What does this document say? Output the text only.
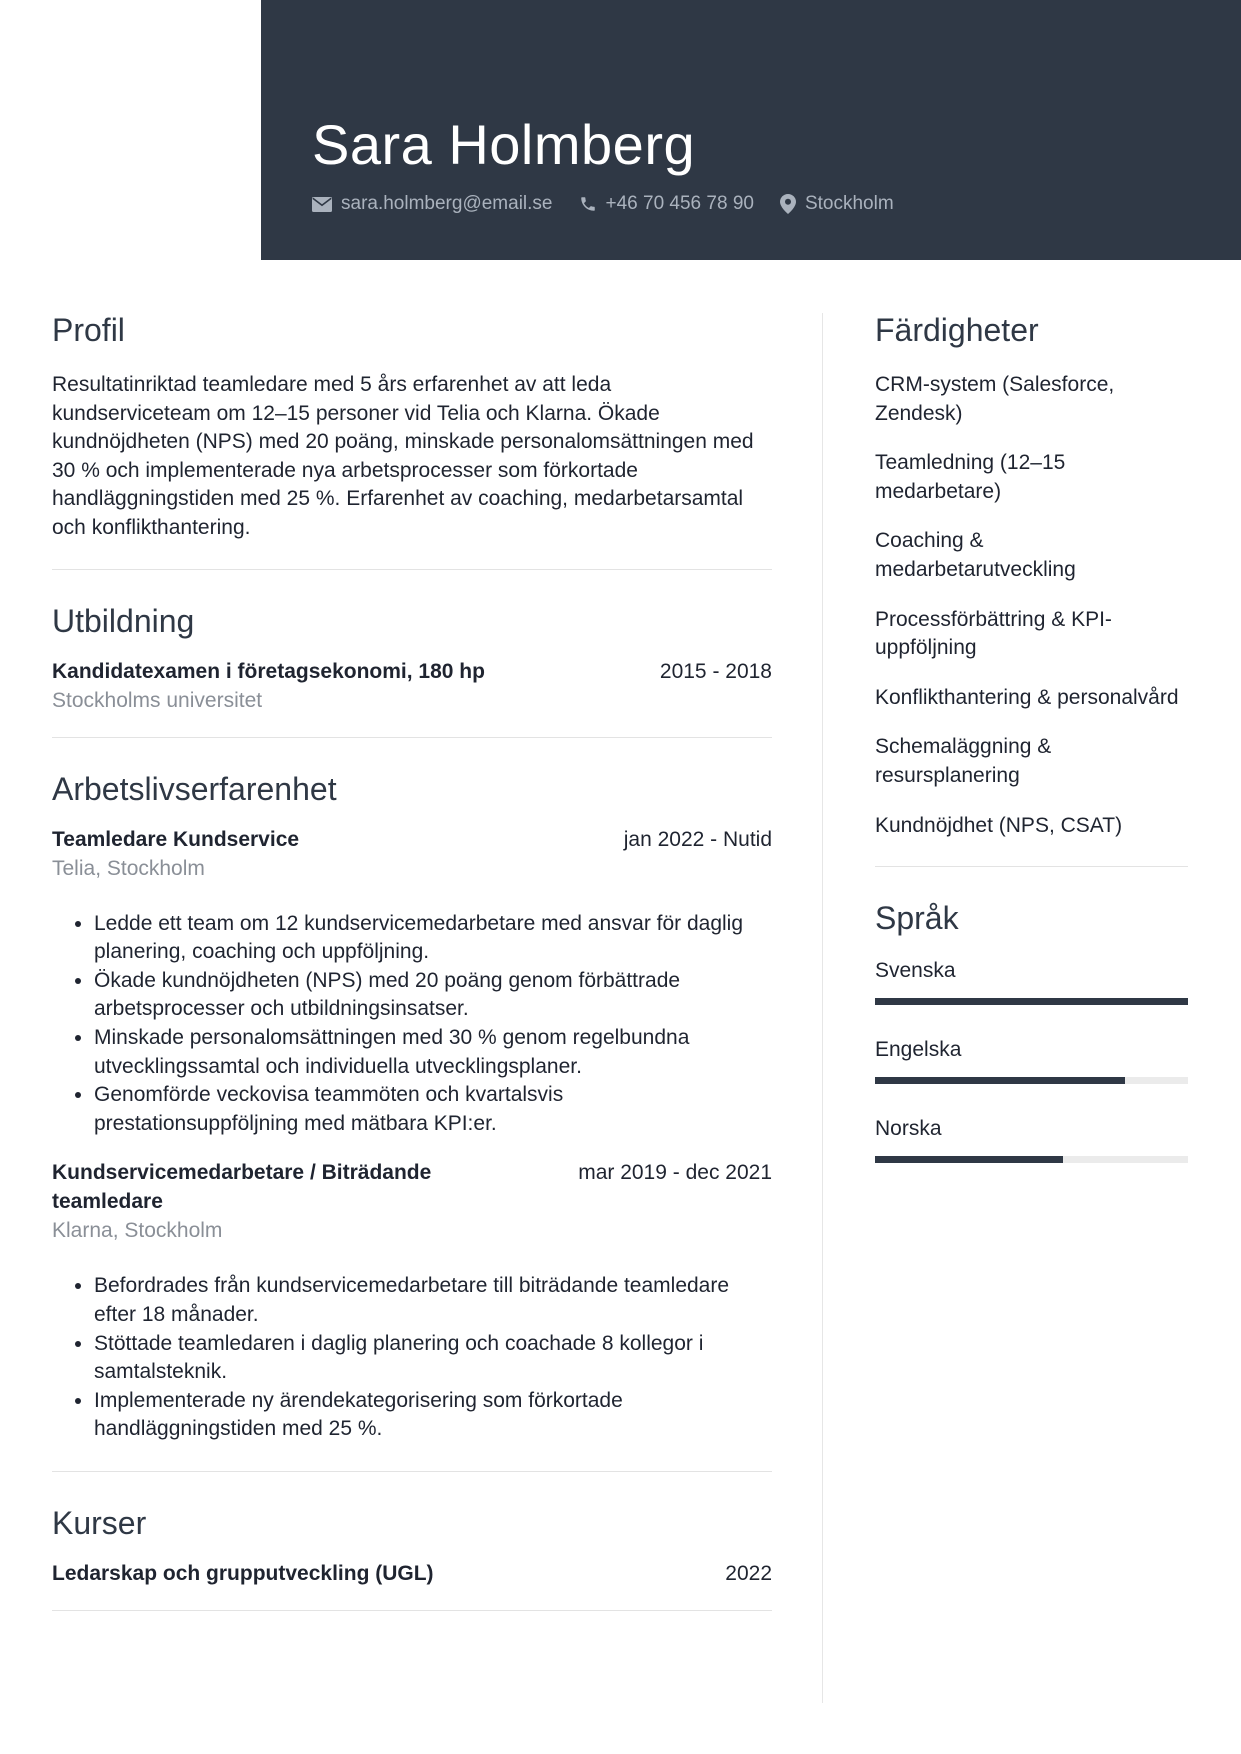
Sara Holmberg
sara.holmberg@email.se	+46 70 456 78 90	Stockholm
Profil
Resultatinriktad teamledare med 5 års erfarenhet av att leda kundserviceteam om 12–15 personer vid Telia och Klarna. Ökade kundnöjdheten (NPS) med 20 poäng, minskade personalomsättningen med 30 % och implementerade nya arbetsprocesser som förkortade handläggningstiden med 25 %. Erfarenhet av coaching, medarbetarsamtal och konflikthantering.
Utbildning
Kandidatexamen i företagsekonomi, 180 hp	2015 - 2018
Stockholms universitet
Arbetslivserfarenhet
Teamledare Kundservice	jan 2022 - Nutid
Telia, Stockholm
• Ledde ett team om 12 kundservicemedarbetare med ansvar för daglig planering, coaching och uppföljning.
• Ökade kundnöjdheten (NPS) med 20 poäng genom förbättrade arbetsprocesser och utbildningsinsatser.
• Minskade personalomsättningen med 30 % genom regelbundna utvecklingssamtal och individuella utvecklingsplaner.
• Genomförde veckovisa teammöten och kvartalsvis prestationsuppföljning med mätbara KPI:er.
Kundservicemedarbetare / Biträdande teamledare
mar 2019 - dec 2021
Klarna, Stockholm
• Befordrades från kundservicemedarbetare till biträdande teamledare efter 18 månader.
• Stöttade teamledaren i daglig planering och coachade 8 kollegor i samtalsteknik.
• Implementerade ny ärendekategorisering som förkortade handläggningstiden med 25 %.
Kurser
Ledarskap och grupputveckling (UGL)	2022
Färdigheter
CRM-system (Salesforce, Zendesk)
Teamledning (12–15 medarbetare)
Coaching & medarbetarutveckling
Processförbättring & KPI-uppföljning
Konflikthantering & personalvård
Schemaläggning & resursplanering
Kundnöjdhet (NPS, CSAT)
Språk
Svenska
Engelska
Norska
